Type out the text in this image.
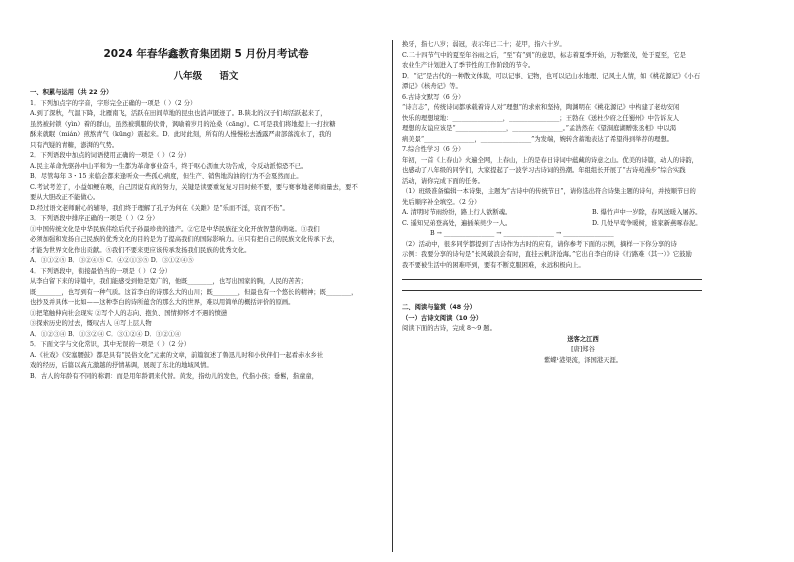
2024 年春华鑫教育集团期 5 月份月考试卷
八年级 语文
一、积累与运用（共 22 分）
1．下列加点字的字音，字形完全正确的一项是（ ）（2 分）
A.到了深秋，气温下降，北雁南飞，活跃在田间草地的昆虫也消声匿迹了。B.陕北的汉子们却活跃起来了，
虽然被封锁（yìn）着的群山，虽然被驯服的伏骨，讽喻着岁月的沧桑（cāng）。C.可是我们将地提上一打拉糖
酥来就眠（mián）煎熬青气（kūng）震起来。D．此时此刻，所有的人慢慢松去透露严肃部落流水了，我的
只有汽疑的青糖，澎湃的气势。
2．下列语段中加点的词语使用正确的一项是（ ）（2 分）
A.民主革命先驱孙中山平和为一生都为革命事业奋斗，终于呕心沥血大功告成，令反动派惊恐不已。
B．尽管每年 3・15 来临会都来逢听众一些孤心病度，但生产、销售地沟油的行为不会戛然而止。
C.考试考差了，小益如鲠在喉，自己因说有真的努力，关键是读要重复复习目时候不要，要与赛事地老师商量去，要不
要从大胆改正不能做心。
D.经过语文老师耐心的辅导，我们终于理解了孔子为何在《关雎》是“乐而不淫，哀而不伤”。
3．下列语段中排序正确的一项是（ ）（2 分）
①中国传统文化是中华民族伟绘后代子孙最珍贵的遗产。②它是中华民族征文化开放智慧的萌毫。③我们
必须加强和发扬自己民族的优秀文化的目的是为了提高我们的国际影响力。④只有把自己的民族文化传承下去，
才能为世界文化作出贡献。⑤我们不要来更应该传承发扬我们民族的优秀文化。
A．③①②⑤ B．③②④⑤ C．④②①③⑤ D．③①②④⑤
4．下列语段中，衔接最恰当的一项是（ ）（2 分）
从李白留下来的诗篇中，我们能感受到他是宽广的，他既________，也写出国家的胸，人民的苦苦；
既________，也写到有一种气质。这首李白的诗那么大的山川；既________，但最也有一个悠长的精神；既________，
也抄及并具体一比如——这种李白的诗所蕴含的那么大的世界，难以用简单的概括评价的原画。
①把笔触伸向社会现实 ②写个人的志向、抱负、国情抑怀才不遇的愤懑
③探索历史的过去，慨叹古人 ④写上层人物
A．①②③④ B．①③②④ C．③①②④ D．③②①④
5．下面文字与文化常识，其中无误的一项是（ ）（2 分）
A.《社戏》《安塞腰鼓》都是具有“民俗文化”元素的文章，前篇叙述了鲁迅儿时和小伙伴们一起看赤水乡社
戏的经历，后篇以高亢激越的抒情基调，展现了东北的地域风情。
B．古人的年龄有不同的称谓：而是用年龄谓来代替。黄发，指幼儿的发色，代指小孩；垂髫，指童童，
换牙，指七八岁；弱冠，表示年已二十；花甲，指六十岁。
C.二十四节气中的夏至年谷雨之后，“至”有“到”的意思，标志着夏季开始，万物繁茂，处于夏至，它是
农业生产计划进入了季节性的工作阶段的节令。
D．“记”是古代的一种散文体裁，可以记事、记物，也可以记山水地理、记风土人情，如《桃花源记》《小石
潭记》《核舟记》等。
6.古诗文默写（6 分）
“诗言志”，传统诗词都承载着诗人对“理想”的求索和坚持，陶渊明在《桃花源记》中构建了老幼安闲
快乐的理想境地：________________，________________；王勃在《送杜少府之任蜀州》中告诉友人
理想的友谊应该是“________________，________________。”孟浩然在《望洞庭湖赠张丞相》中以渴
病美景“________________，________________”为发端，婉转含蓄地表达了希望得到举荐的理想。
7.综合性学习（6 分）
年初，一首《上春山》火遍全网，上春山，上的是春日诗词中蕴藏的诗意之山。优美的诗篇，动人的诗韵，
也感动了八年级的同学们，大家提起了一波学习古诗词的热潮。年组组长开展了“古诗苑漫步”综合实践
活动，请你完成下面的任务。
（1）班级准备编辑一本诗集，主题为“古诗中的传统节日”，请你选出符合诗集主题的诗句，并按顺节日的
先后顺序补全填空。（2 分）
A. 清明时节雨纷纷，路上行人欲断魂。	B. 爆竹声中一岁除，春风送暖入屠苏。
C. 遥知兄弟登高处，遍插茱萸少一人。	D. 几处早莺争暖树，谁家新燕啄春泥。
B → ________________ → ________________ → ________________
（2）活动中，很多同学都提到了古诗作为古时的应有，请你参考下面的示例，摘样一下你分享的诗
示例：我要分享的诗句是“长风破浪会有时，直挂云帆济沧海。”它出自李白的诗《行路难（其一）》它鼓励
我不要被生活中的困难吓到，要有不断克服困难，永远积极向上。
二、阅读与鉴赏（48 分）
（一）古诗文阅读（10 分）
阅读下面的古诗，完成 8～9 题。
送客之江西
[唐]郑谷
紫蝶¹港渠流，泽国港天涯。
